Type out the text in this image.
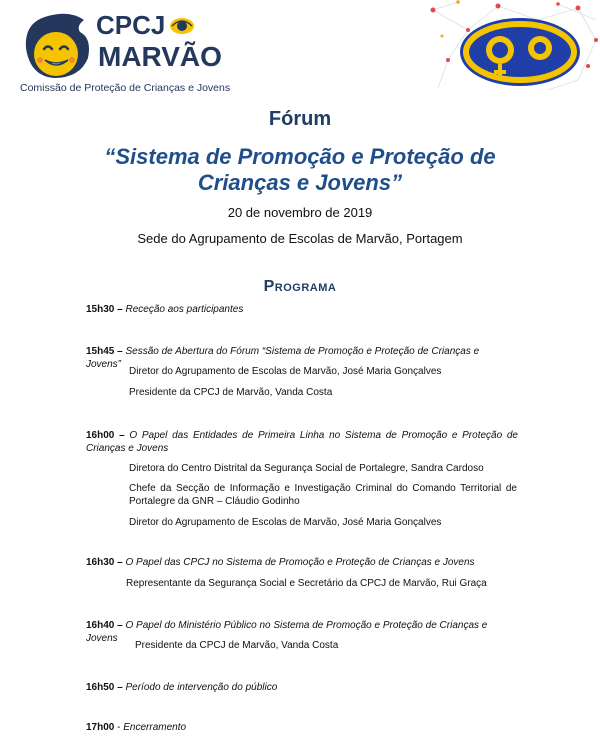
CPCJ
MARVÃO
Comissão de Proteção de Crianças e Jovens
Fórum
“Sistema de Promoção e Proteção de
Crianças e Jovens”
20 de novembro de 2019
Sede do Agrupamento de Escolas de Marvão, Portagem
Programa
15h30 – Receção aos participantes
15h45 – Sessão de Abertura do Fórum “Sistema de Promoção e Proteção de Crianças e Jovens”
Diretor do Agrupamento de Escolas de Marvão, José Maria Gonçalves
Presidente da CPCJ de Marvão, Vanda Costa
16h00 – O Papel das Entidades de Primeira Linha no Sistema de Promoção e Proteção de Crianças e Jovens
Diretora do Centro Distrital da Segurança Social de Portalegre, Sandra Cardoso
Chefe da Secção de Informação e Investigação Criminal do Comando Territorial de Portalegre da GNR – Cláudio Godinho
Diretor do Agrupamento de Escolas de Marvão, José Maria Gonçalves
16h30 – O Papel das CPCJ no Sistema de Promoção e Proteção de Crianças e Jovens
Representante da Segurança Social e Secretário da CPCJ de Marvão, Rui Graça
16h40 – O Papel do Ministério Público no Sistema de Promoção e Proteção de Crianças e Jovens
Presidente da CPCJ de Marvão, Vanda Costa
16h50 – Período de intervenção do público
17h00 - Encerramento
